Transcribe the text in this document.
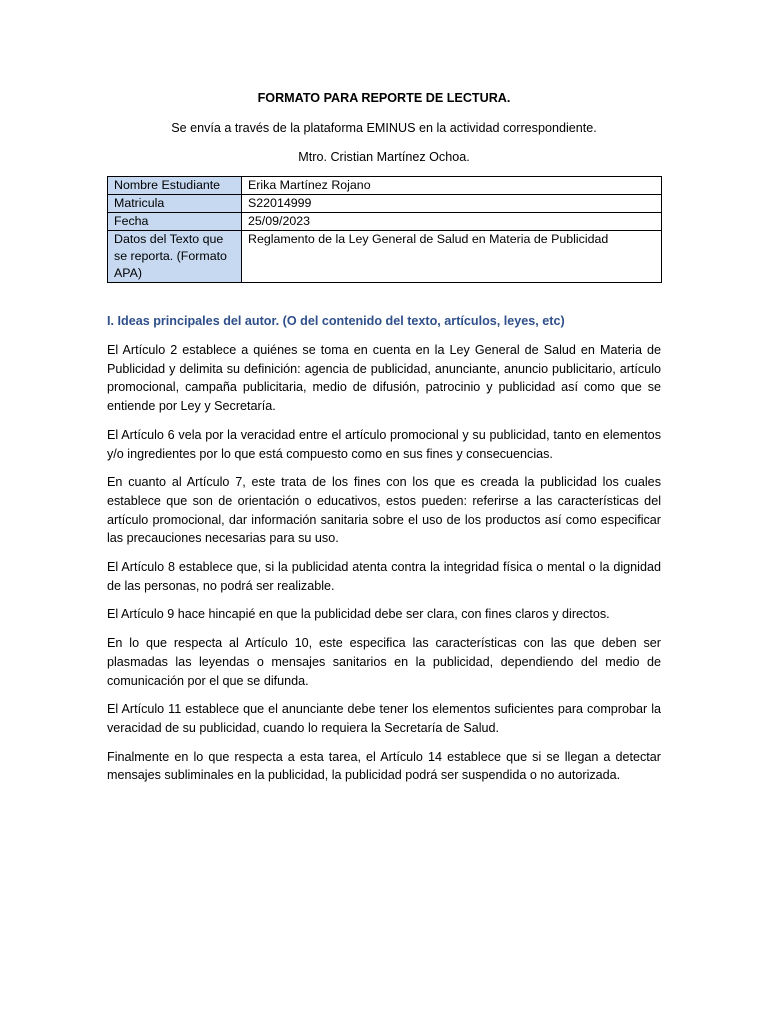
FORMATO PARA REPORTE DE LECTURA.
Se envía a través de la plataforma EMINUS en la actividad correspondiente.
Mtro. Cristian Martínez Ochoa.
Nombre Estudiante	Erika Martínez Rojano
Matricula	S22014999
Fecha	25/09/2023
Datos del Texto que se reporta. (Formato APA)	Reglamento de la Ley General de Salud en Materia de Publicidad
I. Ideas principales del autor. (O del contenido del texto, artículos, leyes, etc)

El Artículo 2 establece a quiénes se toma en cuenta en la Ley General de Salud en Materia de Publicidad y delimita su definición: agencia de publicidad, anunciante, anuncio publicitario, artículo promocional, campaña publicitaria, medio de difusión, patrocinio y publicidad así como que se entiende por Ley y Secretaría.

El Artículo 6 vela por la veracidad entre el artículo promocional y su publicidad, tanto en elementos y/o ingredientes por lo que está compuesto como en sus fines y consecuencias.

En cuanto al Artículo 7, este trata de los fines con los que es creada la publicidad los cuales establece que son de orientación o educativos, estos pueden: referirse a las características del artículo promocional, dar información sanitaria sobre el uso de los productos así como especificar las precauciones necesarias para su uso.

El Artículo 8 establece que, si la publicidad atenta contra la integridad física o mental o la dignidad de las personas, no podrá ser realizable.

El Artículo 9 hace hincapié en que la publicidad debe ser clara, con fines claros y directos.

En lo que respecta al Artículo 10, este especifica las características con las que deben ser plasmadas las leyendas o mensajes sanitarios en la publicidad, dependiendo del medio de comunicación por el que se difunda.

El Artículo 11 establece que el anunciante debe tener los elementos suficientes para comprobar la veracidad de su publicidad, cuando lo requiera la Secretaría de Salud.

Finalmente en lo que respecta a esta tarea, el Artículo 14 establece que si se llegan a detectar mensajes subliminales en la publicidad, la publicidad podrá ser suspendida o no autorizada.
